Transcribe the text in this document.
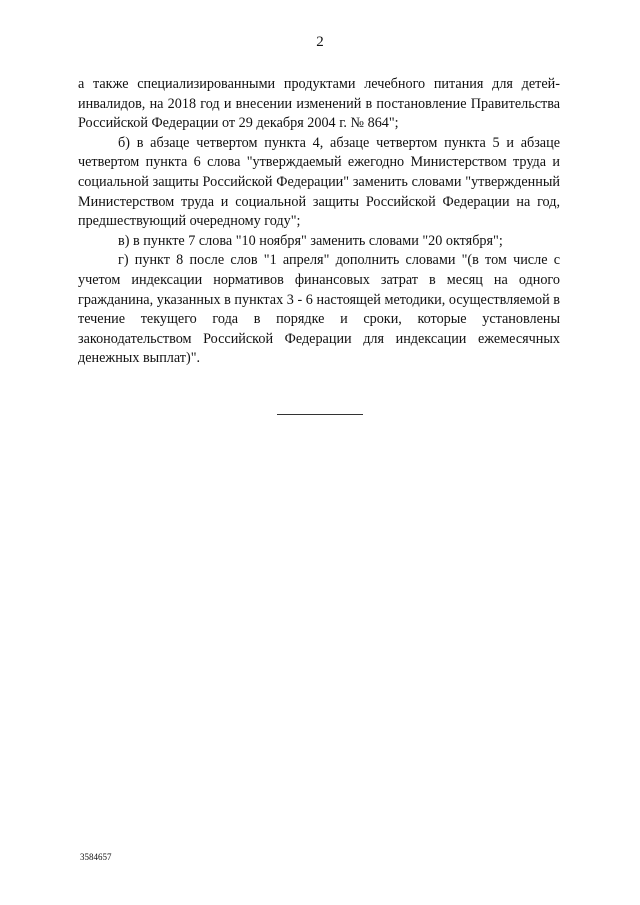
2

а также специализированными продуктами лечебного питания для детей-инвалидов, на 2018 год и внесении изменений в постановление Правительства Российской Федерации от 29 декабря 2004 г. № 864";

б) в абзаце четвертом пункта 4, абзаце четвертом пункта 5 и абзаце четвертом пункта 6 слова "утверждаемый ежегодно Министерством труда и социальной защиты Российской Федерации" заменить словами "утвержденный Министерством труда и социальной защиты Российской Федерации на год, предшествующий очередному году";

в) в пункте 7 слова "10 ноября" заменить словами "20 октября";

г) пункт 8 после слов "1 апреля" дополнить словами "(в том числе с учетом индексации нормативов финансовых затрат в месяц на одного гражданина, указанных в пунктах 3 - 6 настоящей методики, осуществляемой в течение текущего года в порядке и сроки, которые установлены законодательством Российской Федерации для индексации ежемесячных денежных выплат)".

3584657
